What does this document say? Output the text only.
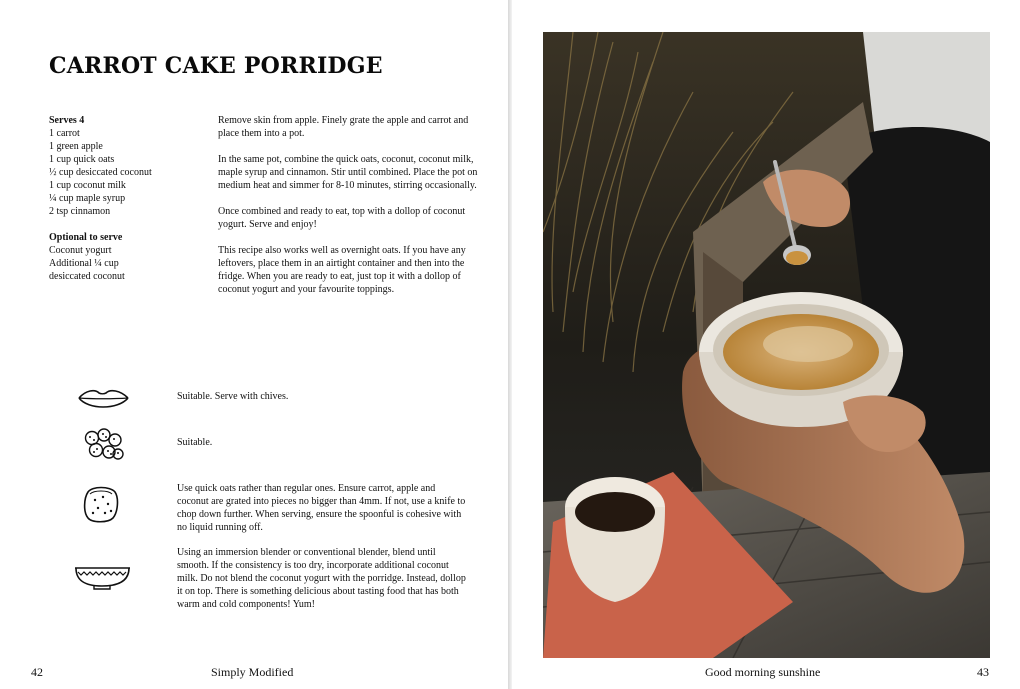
CARROT CAKE PORRIDGE
Serves 4
1 carrot
1 green apple
1 cup quick oats
½ cup desiccated coconut
1 cup coconut milk
¼ cup maple syrup
2 tsp cinnamon
Optional to serve
Coconut yogurt
Additional ¼ cup
desiccated coconut

Remove skin from apple. Finely grate the apple and carrot and place them into a pot.

In the same pot, combine the quick oats, coconut, coconut milk, maple syrup and cinnamon. Stir until combined. Place the pot on medium heat and simmer for 8-10 minutes, stirring occasionally.

Once combined and ready to eat, top with a dollop of coconut yogurt. Serve and enjoy!

This recipe also works well as overnight oats. If you have any leftovers, place them in an airtight container and then into the fridge. When you are ready to eat, just top it with a dollop of coconut yogurt and your favourite toppings.

Suitable. Serve with chives.
Suitable.
Use quick oats rather than regular ones. Ensure carrot, apple and coconut are grated into pieces no bigger than 4mm. If not, use a knife to chop down further. When serving, ensure the spoonful is cohesive with no liquid running off.
Using an immersion blender or conventional blender, blend until smooth. If the consistency is too dry, incorporate additional coconut milk. Do not blend the coconut yogurt with the porridge. Instead, dollop it on top. There is something delicious about tasting food that has both warm and cold components! Yum!
42	Simply Modified	Good morning sunshine	43
